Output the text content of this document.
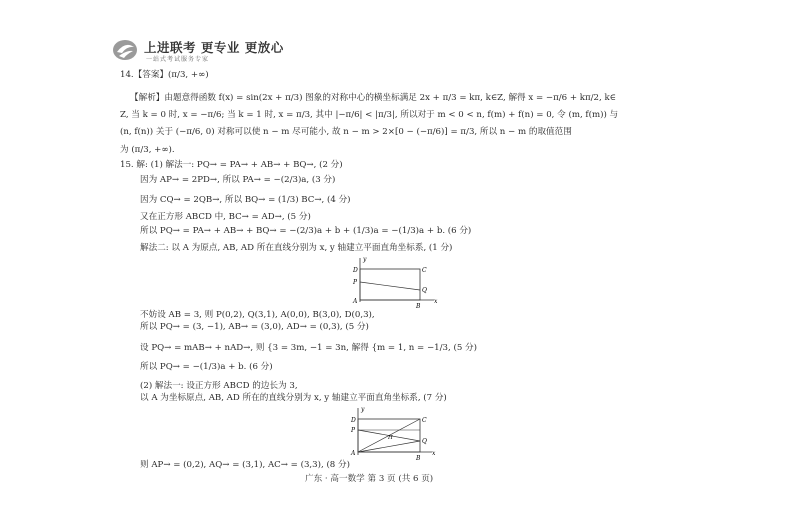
上进联考 更专业 更放心
一站式考试服务专家
14.【答案】(π/3, +∞)
【解析】由题意得函数 f(x) = sin(2x + π/3) 图象的对称中心的横坐标满足 2x + π/3 = kπ, k∈Z, 解得 x = −π/6 + kπ/2, k∈
Z, 当 k = 0 时, x = −π/6; 当 k = 1 时, x = π/3, 其中 |−π/6| < |π/3|, 所以对于 m < 0 < n, f(m) + f(n) = 0, 令 (m, f(m)) 与
(n, f(n)) 关于 (−π/6, 0) 对称可以使 n − m 尽可能小, 故 n − m > 2×[0 − (−π/6)] = π/3, 所以 n − m 的取值范围
为 (π/3, +∞).
15. 解: (1) 解法一: PQ→ = PA→ + AB→ + BQ→, (2 分)
因为 AP→ = 2PD→, 所以 PA→ = −(2/3)a, (3 分)
因为 CQ→ = 2QB→, 所以 BQ→ = (1/3) BC→, (4 分)
又在正方形 ABCD 中, BC→ = AD→, (5 分)
所以 PQ→ = PA→ + AB→ + BQ→ = −(2/3)a + b + (1/3)a = −(1/3)a + b. (6 分)
解法二: 以 A 为原点, AB, AD 所在直线分别为 x, y 轴建立平面直角坐标系, (1 分)
y
x
D	C
P
Q
A
B
不妨设 AB = 3, 则 P(0,2), Q(3,1), A(0,0), B(3,0), D(0,3),
所以 PQ→ = (3, −1), AB→ = (3,0), AD→ = (0,3), (5 分)
设 PQ→ = mAB→ + nAD→, 则 {3 = 3m, −1 = 3n, 解得 {m = 1, n = −1/3, (5 分)
所以 PQ→ = −(1/3)a + b. (6 分)
(2) 解法一: 设正方形 ABCD 的边长为 3,
以 A 为坐标原点, AB, AD 所在的直线分别为 x, y 轴建立平面直角坐标系, (7 分)
y
x
D	C
P
Q
H
A
B
则 AP→ = (0,2), AQ→ = (3,1), AC→ = (3,3), (8 分)
广东 · 高一数学 第 3 页 (共 6 页)
